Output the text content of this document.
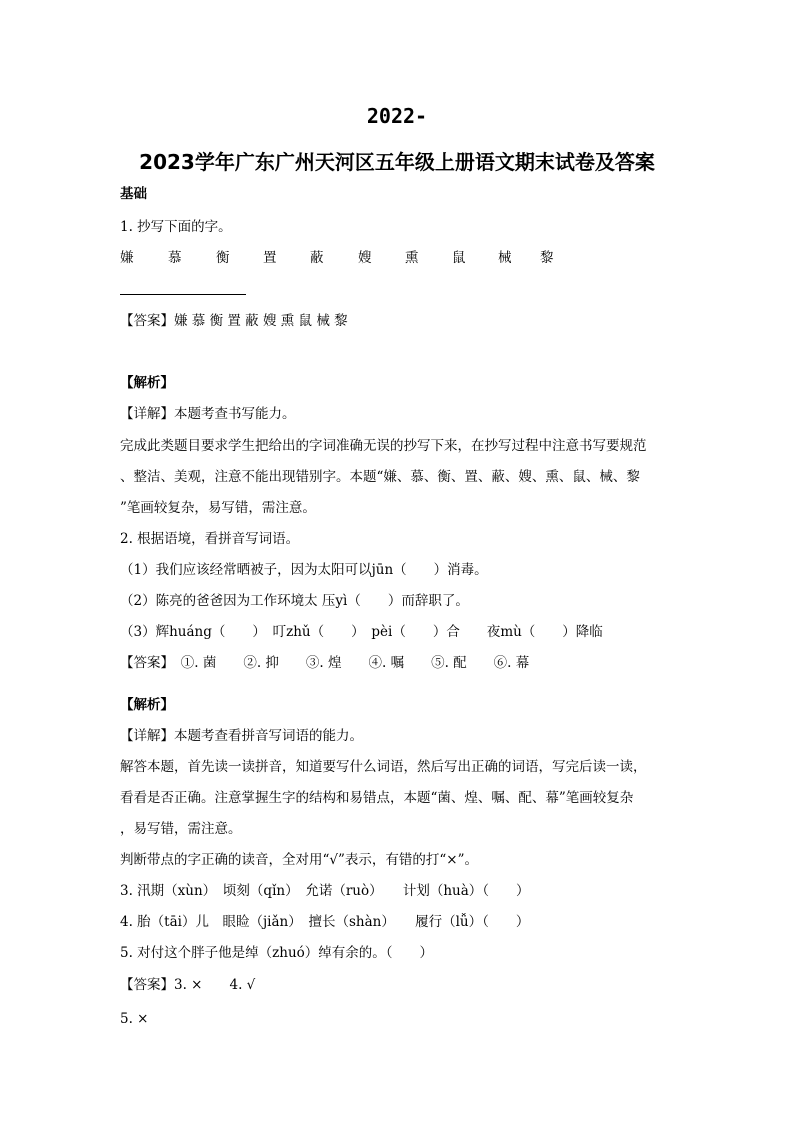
2022-
2023学年广东广州天河区五年级上册语文期末试卷及答案
基础
1. 抄写下面的字。
嫌	慕	衡 置 蔽	嫂 熏 鼠 械 黎
【答案】嫌 慕 衡 置 蔽 嫂 熏 鼠 械 黎
【解析】
【详解】本题考查书写能力。
完成此类题目要求学生把给出的字词准确无误的抄写下来，在抄写过程中注意书写要规范
、整洁、美观，注意不能出现错别字。本题“嫌、慕、衡、置、蔽、嫂、熏、鼠、械、黎
”笔画较复杂，易写错，需注意。
2. 根据语境，看拼音写词语。
（1）我们应该经常晒被子，因为太阳可以jūn（　　）消毒。
（2）陈亮的爸爸因为工作环境太 压yì（　　）而辞职了。
（3）辉huáng（　　）　叮zhǔ（　　）　pèi（　　）合　　夜mù（　　）降临
【答案】　①. 菌　　②. 抑　　③. 煌　　④. 嘱　　⑤. 配　　⑥. 幕
【解析】
【详解】本题考查看拼音写词语的能力。
解答本题，首先读一读拼音，知道要写什么词语，然后写出正确的词语，写完后读一读，
看看是否正确。注意掌握生字的结构和易错点，本题“菌、煌、嘱、配、幕”笔画较复杂
，易写错，需注意。
判断带点的字正确的读音，全对用“√”表示，有错的打“×”。
3. 汛期（xùn）　顷刻（qǐn）　允诺（ruò）　　计划（huà）（　　）
4. 胎（tāi）儿　眼睑（jiǎn）　擅长（shàn）　　履行（lǚ）（　　）
5. 对付这个胖子他是绰（zhuó）绰有余的。（　　）
【答案】3. ×　　4. √
5. ×
